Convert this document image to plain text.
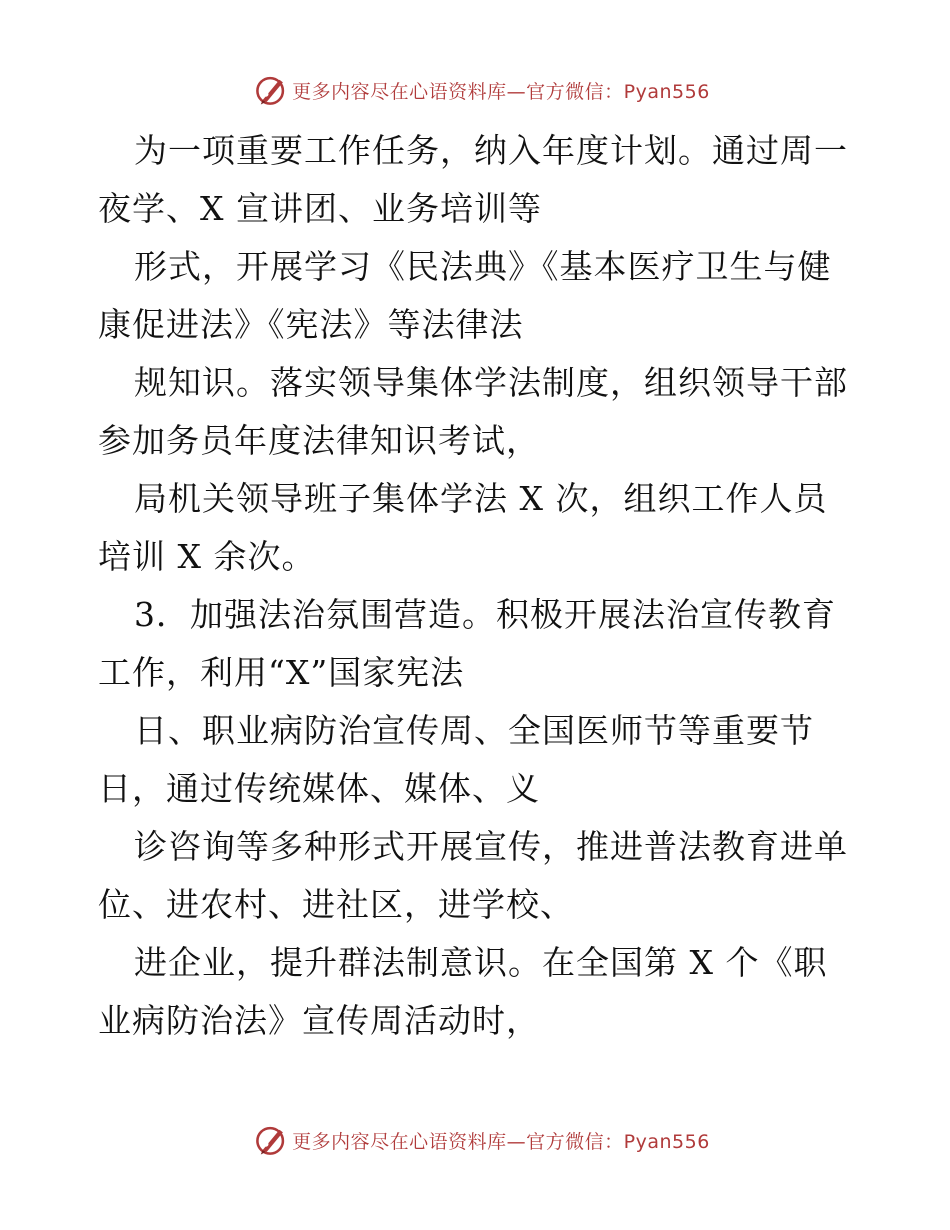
更多内容尽在心语资料库—官方微信：Pyan556
为一项重要工作任务，纳入年度计划。通过周一
夜学、X 宣讲团、业务培训等
形式，开展学习《民法典》《基本医疗卫生与健
康促进法》《宪法》等法律法
规知识。落实领导集体学法制度，组织领导干部
参加务员年度法律知识考试，
局机关领导班子集体学法 X 次，组织工作人员
培训 X 余次。
3．加强法治氛围营造。积极开展法治宣传教育
工作，利用“X”国家宪法
日、职业病防治宣传周、全国医师节等重要节
日，通过传统媒体、媒体、义
诊咨询等多种形式开展宣传，推进普法教育进单
位、进农村、进社区，进学校、
进企业，提升群法制意识。在全国第 X 个《职
业病防治法》宣传周活动时，
更多内容尽在心语资料库—官方微信：Pyan556
